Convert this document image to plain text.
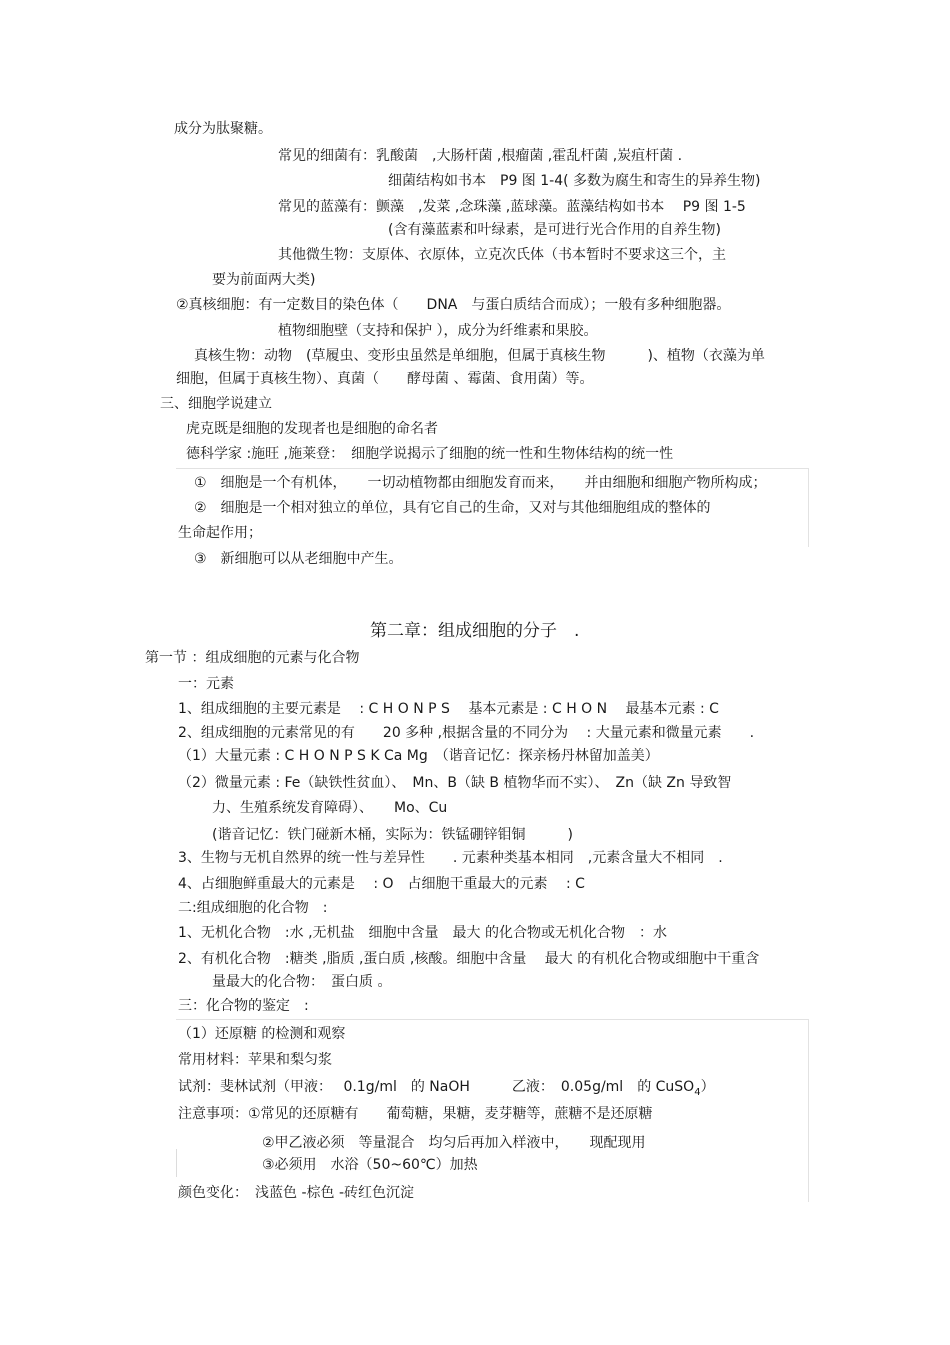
成分为肽聚糖。
常见的细菌有：乳酸菌　,大肠杆菌 ,根瘤菌 ,霍乱杆菌 ,炭疽杆菌 .
细菌结构如书本　P9 图 1-4( 多数为腐生和寄生的异养生物)
常见的蓝藻有：颤藻　,发菜 ,念珠藻 ,蓝球藻。蓝藻结构如书本　 P9 图 1-5
(含有藻蓝素和叶绿素，是可进行光合作用的自养生物)
其他微生物：支原体、衣原体，立克次氏体（书本暂时不要求这三个，主
要为前面两大类)
②真核细胞：有一定数目的染色体（　　DNA　与蛋白质结合而成）；一般有多种细胞器。
植物细胞壁（支持和保护 ），成分为纤维素和果胶。
真核生物：动物　(草履虫、变形虫虽然是单细胞，但属于真核生物　　　)、植物（衣藻为单
细胞，但属于真核生物）、真菌（　　酵母菌 、霉菌、食用菌）等。
三、细胞学说建立
虎克既是细胞的发现者也是细胞的命名者
德科学家 :施旺 ,施莱登：　细胞学说揭示了细胞的统一性和生物体结构的统一性
①　细胞是一个有机体，　　一切动植物都由细胞发育而来，　　并由细胞和细胞产物所构成；
②　细胞是一个相对独立的单位，具有它自己的生命，又对与其他细胞组成的整体的
生命起作用；
③　新细胞可以从老细胞中产生。
第二章：组成细胞的分子　.
第一节 ：组成细胞的元素与化合物
一：元素
1、组成细胞的主要元素是　 : C H O N P S　 基本元素是 : C H O N　 最基本元素 : C
2、组成细胞的元素常见的有　　20 多种 ,根据含量的不同分为　 : 大量元素和微量元素　　.
（1）大量元素 : C H O N P S K Ca Mg　（谐音记忆：探亲杨丹林留加盖美）
（2）微量元素 : Fe（缺铁性贫血）、　Mn、B（缺 B 植物华而不实）、　Zn（缺 Zn 导致智
力、生殖系统发育障碍）、　　Mo、Cu
(谐音记忆：铁门碰新木桶，实际为：铁锰硼锌钼铜　　　)
3、生物与无机自然界的统一性与差异性　　. 元素种类基本相同　,元素含量大不相同　.
4、占细胞鲜重最大的元素是　 : O　占细胞干重最大的元素　 : C
二:组成细胞的化合物　:
1、无机化合物　:水 ,无机盐　细胞中含量　最大 的化合物或无机化合物　：水
2、有机化合物　:糖类 ,脂质 ,蛋白质 ,核酸。细胞中含量　 最大 的有机化合物或细胞中干重含
量最大的化合物：　蛋白质 。
三：化合物的鉴定　:
（1）还原糖 的检测和观察
常用材料：苹果和梨匀浆
试剂：斐林试剂（甲液：　 0.1g/ml　的 NaOH　　　乙液：　0.05g/ml　的 CuSO$_4$）
注意事项：①常见的还原糖有　　葡萄糖，果糖，麦芽糖等，蔗糖不是还原糖
②甲乙液必须　等量混合　均匀后再加入样液中，　　现配现用
③必须用　水浴（50~60℃）加热
颜色变化：　浅蓝色 -棕色 -砖红色沉淀
